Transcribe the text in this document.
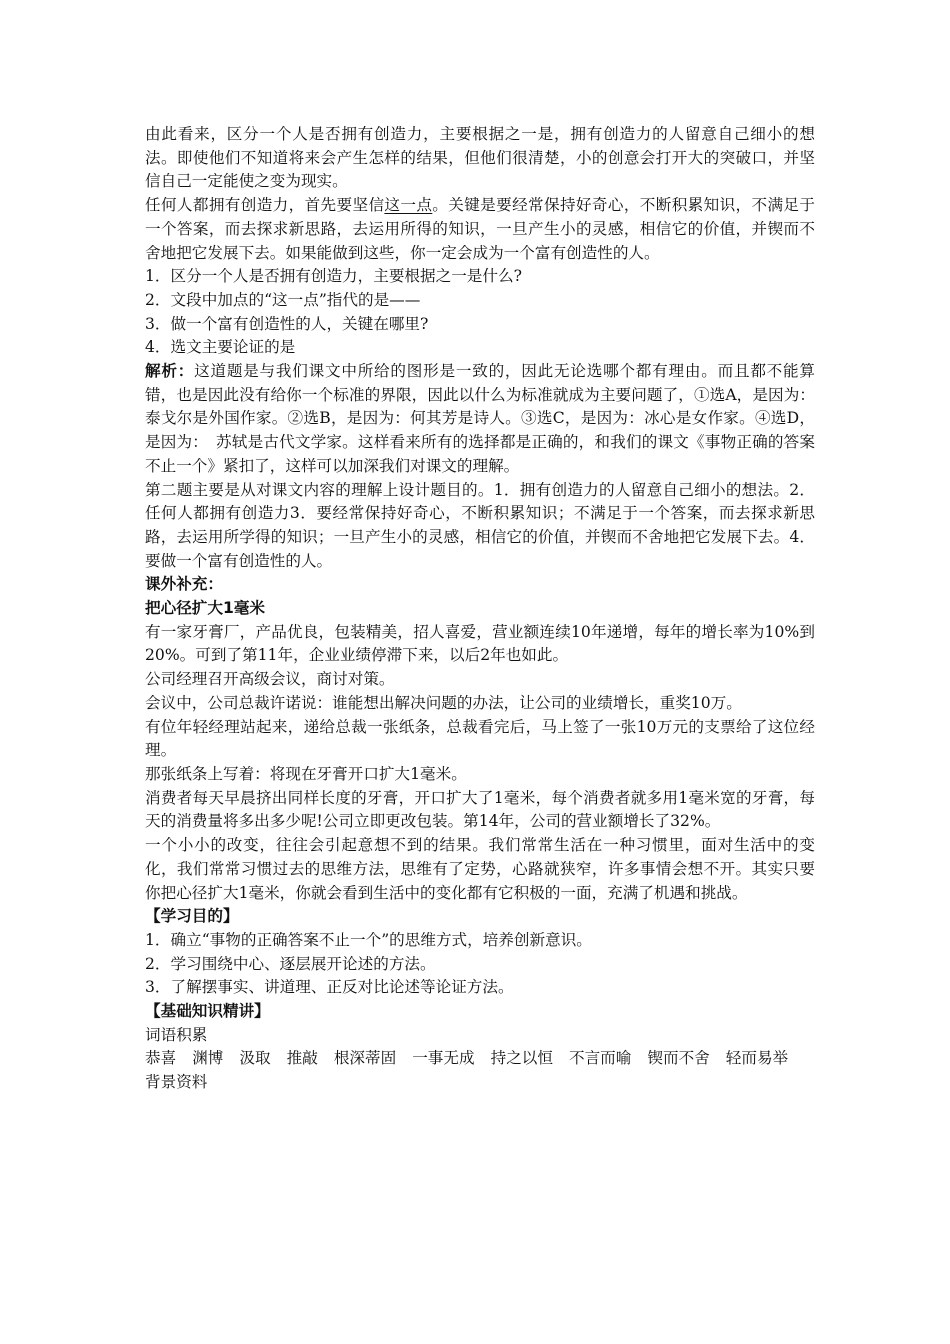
由此看来，区分一个人是否拥有创造力，主要根据之一是，拥有创造力的人留意自己细小的想法。即使他们不知道将来会产生怎样的结果，但他们很清楚，小的创意会打开大的突破口，并坚信自己一定能使之变为现实。

任何人都拥有创造力，首先要坚信这一点。关键是要经常保持好奇心，不断积累知识，不满足于一个答案，而去探求新思路，去运用所得的知识，一旦产生小的灵感，相信它的价值，并锲而不舍地把它发展下去。如果能做到这些，你一定会成为一个富有创造性的人。

1．区分一个人是否拥有创造力，主要根据之一是什么?

2．文段中加点的“这一点”指代的是——

3．做一个富有创造性的人，关键在哪里?

4．选文主要论证的是

解析：这道题是与我们课文中所给的图形是一致的，因此无论选哪个都有理由。而且都不能算错，也是因此没有给你一个标准的界限，因此以什么为标准就成为主要问题了，①选A，是因为：泰戈尔是外国作家。②选B，是因为：何其芳是诗人。③选C，是因为：冰心是女作家。④选D，是因为：　苏轼是古代文学家。这样看来所有的选择都是正确的，和我们的课文《事物正确的答案不止一个》紧扣了，这样可以加深我们对课文的理解。

第二题主要是从对课文内容的理解上设计题目的。1．拥有创造力的人留意自己细小的想法。2．任何人都拥有创造力3．要经常保持好奇心，不断积累知识；不满足于一个答案，而去探求新思路，去运用所学得的知识；一旦产生小的灵感，相信它的价值，并锲而不舍地把它发展下去。4．要做一个富有创造性的人。

课外补充：

把心径扩大1毫米

有一家牙膏厂，产品优良，包装精美，招人喜爱，营业额连续10年递增，每年的增长率为10%到20%。可到了第11年，企业业绩停滞下来，以后2年也如此。

公司经理召开高级会议，商讨对策。

会议中，公司总裁许诺说：谁能想出解决问题的办法，让公司的业绩增长，重奖10万。

有位年轻经理站起来，递给总裁一张纸条，总裁看完后，马上签了一张10万元的支票给了这位经理。

那张纸条上写着：将现在牙膏开口扩大1毫米。

消费者每天早晨挤出同样长度的牙膏，开口扩大了1毫米，每个消费者就多用1毫米宽的牙膏，每天的消费量将多出多少呢!公司立即更改包装。第14年，公司的营业额增长了32%。

一个小小的改变，往往会引起意想不到的结果。我们常常生活在一种习惯里，面对生活中的变化，我们常常习惯过去的思维方法，思维有了定势，心路就狭窄，许多事情会想不开。其实只要你把心径扩大1毫米，你就会看到生活中的变化都有它积极的一面，充满了机遇和挑战。

【学习目的】

1．确立“事物的正确答案不止一个”的思维方式，培养创新意识。

2．学习围绕中心、逐层展开论述的方法。

3．了解摆事实、讲道理、正反对比论述等论证方法。

【基础知识精讲】

词语积累

恭喜 渊博 汲取 推敲 根深蒂固 一事无成 持之以恒 不言而喻 锲而不舍 轻而易举

背景资料
